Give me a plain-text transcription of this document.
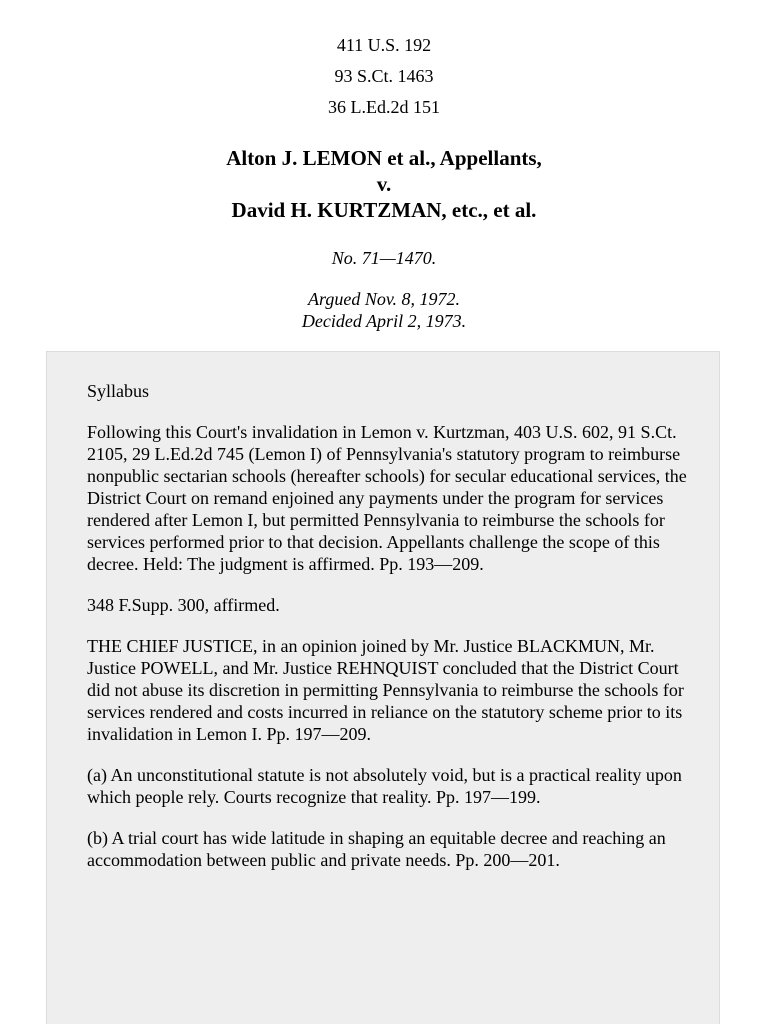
411 U.S. 192
93 S.Ct. 1463
36 L.Ed.2d 151
Alton J. LEMON et al., Appellants,
v.
David H. KURTZMAN, etc., et al.
No. 71—1470.
Argued Nov. 8, 1972.
Decided April 2, 1973.

Syllabus

Following this Court's invalidation in Lemon v. Kurtzman, 403 U.S. 602, 91 S.Ct. 2105, 29 L.Ed.2d 745 (Lemon I) of Pennsylvania's statutory program to reimburse nonpublic sectarian schools (hereafter schools) for secular educational services, the District Court on remand enjoined any payments under the program for services rendered after Lemon I, but permitted Pennsylvania to reimburse the schools for services performed prior to that decision. Appellants challenge the scope of this decree. Held: The judgment is affirmed. Pp. 193—209.

348 F.Supp. 300, affirmed.

THE CHIEF JUSTICE, in an opinion joined by Mr. Justice BLACKMUN, Mr. Justice POWELL, and Mr. Justice REHNQUIST concluded that the District Court did not abuse its discretion in permitting Pennsylvania to reimburse the schools for services rendered and costs incurred in reliance on the statutory scheme prior to its invalidation in Lemon I. Pp. 197—209.

(a) An unconstitutional statute is not absolutely void, but is a practical reality upon which people rely. Courts recognize that reality. Pp. 197—199.

(b) A trial court has wide latitude in shaping an equitable decree and reaching an accommodation between public and private needs. Pp. 200—201.
